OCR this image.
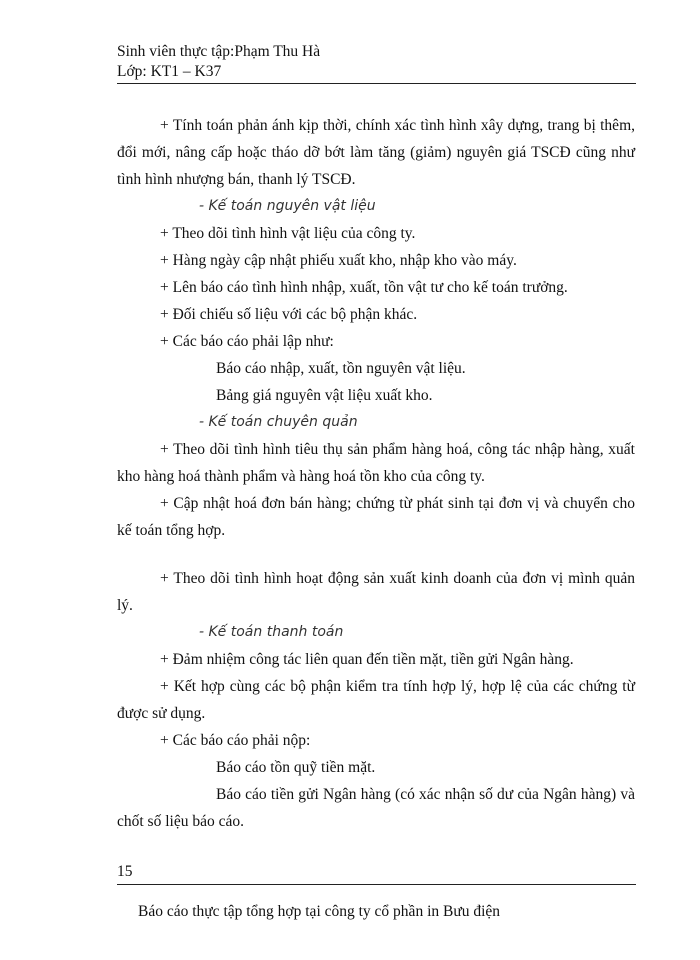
Sinh viên thực tập:Phạm Thu Hà
Lớp: KT1 – K37

+ Tính toán phản ánh kịp thời, chính xác tình hình xây dựng, trang bị thêm, đổi mới, nâng cấp hoặc tháo dỡ bớt làm tăng (giảm) nguyên giá TSCĐ cũng như tình hình nhượng bán, thanh lý TSCĐ.

- Kế toán nguyên vật liệu

+ Theo dõi tình hình vật liệu của công ty.

+ Hàng ngày cập nhật phiếu xuất kho, nhập kho vào máy.

+ Lên báo cáo tình hình nhập, xuất, tồn vật tư cho kế toán trưởng.

+ Đối chiếu số liệu với các bộ phận khác.

+ Các báo cáo phải lập như:

Báo cáo nhập, xuất, tồn nguyên vật liệu.

Bảng giá nguyên vật liệu xuất kho.

- Kế toán chuyên quản

+ Theo dõi tình hình tiêu thụ sản phẩm hàng hoá, công tác nhập hàng, xuất kho hàng hoá thành phẩm và hàng hoá tồn kho của công ty.

+ Cập nhật hoá đơn bán hàng; chứng từ phát sinh tại đơn vị và chuyển cho kế toán tổng hợp.

+ Theo dõi tình hình hoạt động sản xuất kinh doanh của đơn vị mình quản lý.

- Kế toán thanh toán

+ Đảm nhiệm công tác liên quan đến tiền mặt, tiền gửi Ngân hàng.

+ Kết hợp cùng các bộ phận kiểm tra tính hợp lý, hợp lệ của các chứng từ được sử dụng.

+ Các báo cáo phải nộp:

Báo cáo tồn quỹ tiền mặt.

Báo cáo tiền gửi Ngân hàng (có xác nhận số dư của Ngân hàng) và chốt số liệu báo cáo.

15
Báo cáo thực tập tổng hợp tại công ty cổ phần in Bưu điện
